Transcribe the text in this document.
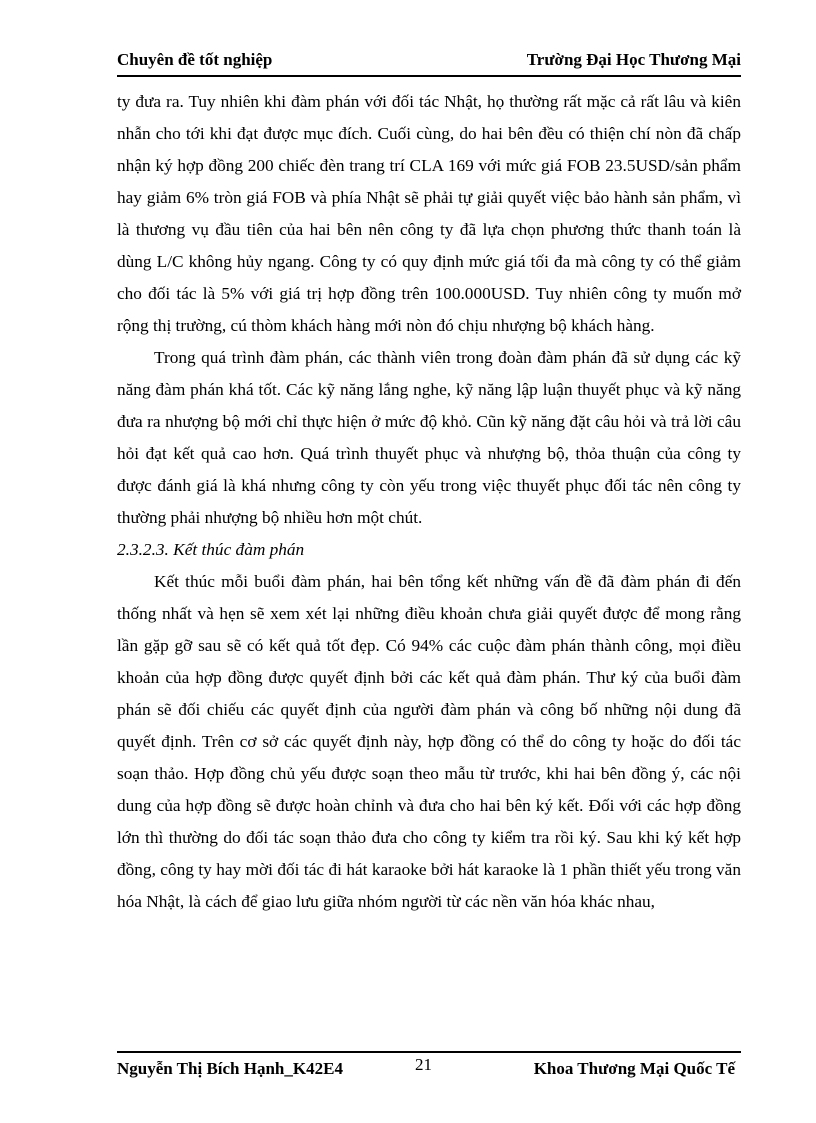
Chuyên đề tốt nghiệp	Trường Đại Học Thương Mại

ty đưa ra. Tuy nhiên khi đàm phán với đối tác Nhật, họ thường rất mặc cả rất lâu và kiên nhẫn cho tới khi đạt được mục đích. Cuối cùng, do hai bên đều có thiện chí nòn đã chấp nhận ký hợp đồng 200 chiếc đèn trang trí CLA 169 với mức giá FOB 23.5USD/sản phẩm hay giảm 6% tròn giá FOB và phía Nhật sẽ phải tự giải quyết việc bảo hành sản phẩm, vì là thương vụ đầu tiên của hai bên nên công ty đã lựa chọn phương thức thanh toán là dùng L/C không hủy ngang. Công ty có quy định mức giá tối đa mà công ty có thể giảm cho đối tác là 5% với giá trị hợp đồng trên 100.000USD. Tuy nhiên công ty muốn mở rộng thị trường, cú thòm khách hàng mới nòn đó chịu nhượng bộ khách hàng.

Trong quá trình đàm phán, các thành viên trong đoàn đàm phán đã sử dụng các kỹ năng đàm phán khá tốt. Các kỹ năng lắng nghe, kỹ năng lập luận thuyết phục và kỹ năng đưa ra nhượng bộ mới chỉ thực hiện ở mức độ khỏ. Cũn kỹ năng đặt câu hỏi và trả lời câu hỏi đạt kết quả cao hơn. Quá trình thuyết phục và nhượng bộ, thỏa thuận của công ty được đánh giá là khá nhưng công ty còn yếu trong việc thuyết phục đối tác nên công ty thường phải nhượng bộ nhiều hơn một chút.

2.3.2.3. Kết thúc đàm phán

Kết thúc mỗi buổi đàm phán, hai bên tổng kết những vấn đề đã đàm phán đi đến thống nhất và hẹn sẽ xem xét lại những điều khoản chưa giải quyết được để mong rằng lần gặp gỡ sau sẽ có kết quả tốt đẹp. Có 94% các cuộc đàm phán thành công, mọi điều khoản của hợp đồng được quyết định bởi các kết quả đàm phán. Thư ký của buổi đàm phán sẽ đối chiếu các quyết định của người đàm phán và công bố những nội dung đã quyết định. Trên cơ sở các quyết định này, hợp đồng có thể do công ty hoặc do đối tác soạn thảo. Hợp đồng chủ yếu được soạn theo mẫu từ trước, khi hai bên đồng ý, các nội dung của hợp đồng sẽ được hoàn chỉnh và đưa cho hai bên ký kết. Đối với các hợp đồng lớn thì thường do đối tác soạn thảo đưa cho công ty kiểm tra rồi ký. Sau khi ký kết hợp đồng, công ty hay mời đối tác đi hát karaoke bởi hát karaoke là 1 phần thiết yếu trong văn hóa Nhật, là cách để giao lưu giữa nhóm người từ các nền văn hóa khác nhau,

Nguyễn Thị Bích Hạnh_K42E4	21	Khoa Thương Mại Quốc Tế
